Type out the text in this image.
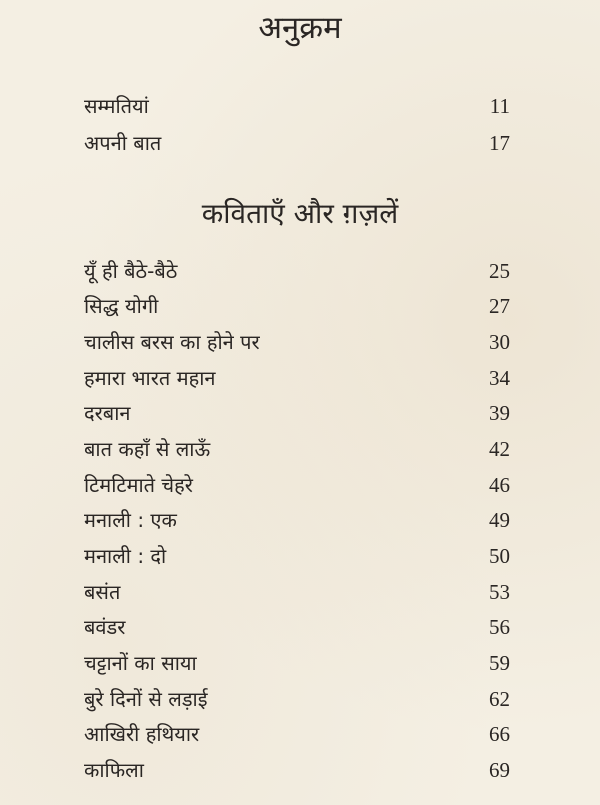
अनुक्रम
सम्मतियां	11
अपनी बात	17
कविताएँ और ग़ज़लें
यूँ ही बैठे-बैठे	25
सिद्ध योगी	27
चालीस बरस का होने पर	30
हमारा भारत महान	34
दरबान	39
बात कहाँ से लाऊँ	42
टिमटिमाते चेहरे	46
मनाली : एक	49
मनाली : दो	50
बसंत	53
बवंडर	56
चट्टानों का साया	59
बुरे दिनों से लड़ाई	62
आखिरी हथियार	66
काफिला	69
